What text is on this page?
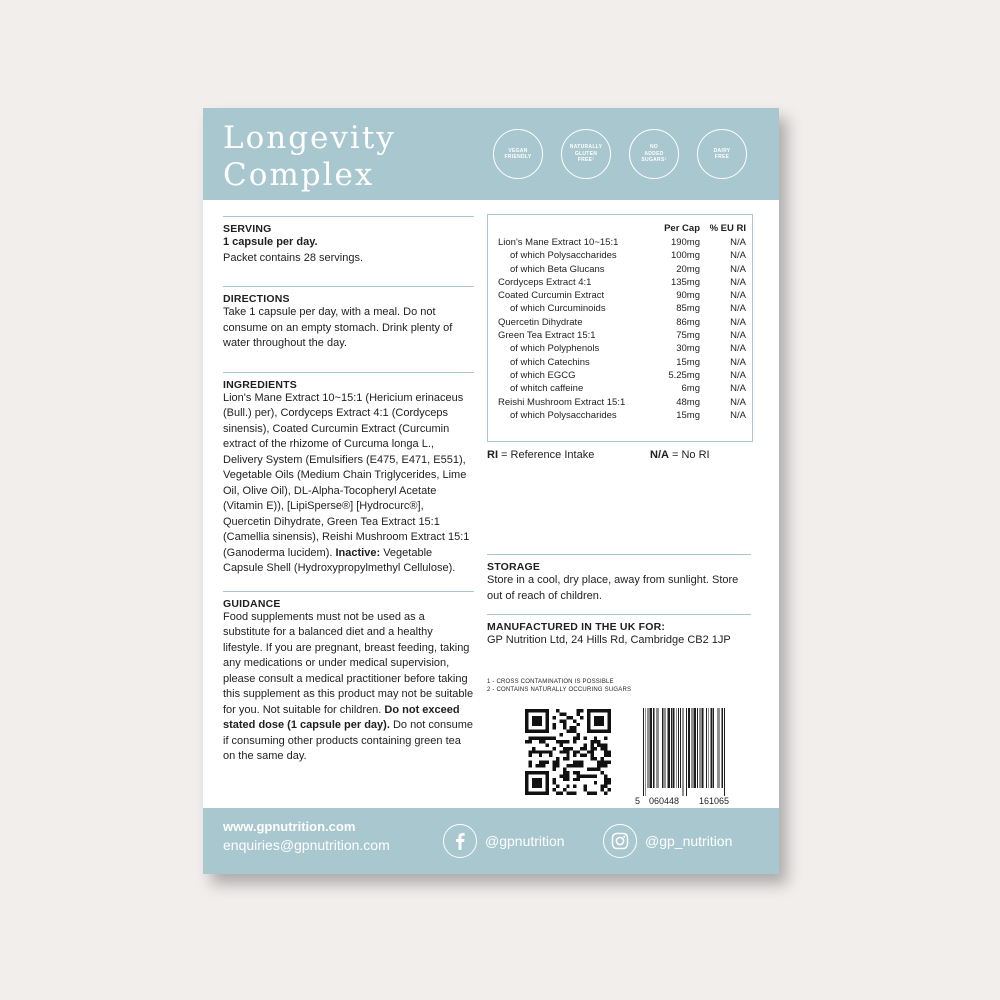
Longevity
Complex
VEGAN
FRIENDLY
NATURALLY
GLUTEN
FREE¹
NO
ADDED
SUGARS²
DAIRY
FREE
SERVING
1 capsule per day.
Packet contains 28 servings.
DIRECTIONS
Take 1 capsule per day, with a meal. Do not consume on an empty stomach. Drink plenty of water throughout the day.
INGREDIENTS
Lion's Mane Extract 10~15:1 (Hericium erinaceus (Bull.) per), Cordyceps Extract 4:1 (Cordyceps sinensis), Coated Curcumin Extract (Curcumin extract of the rhizome of Curcuma longa L., Delivery System (Emulsifiers (E475, E471, E551), Vegetable Oils (Medium Chain Triglycerides, Lime Oil, Olive Oil), DL-Alpha-Tocopheryl Acetate (Vitamin E)), [LipiSperse®] [Hydrocurc®], Quercetin Dihydrate, Green Tea Extract 15:1 (Camellia sinensis), Reishi Mushroom Extract 15:1 (Ganoderma lucidem). Inactive: Vegetable Capsule Shell (Hydroxypropylmethyl Cellulose).
GUIDANCE
Food supplements must not be used as a substitute for a balanced diet and a healthy lifestyle. If you are pregnant, breast feeding, taking any medications or under medical supervision, please consult a medical practitioner before taking this supplement as this product may not be suitable for you. Not suitable for children. Do not exceed stated dose (1 capsule per day). Do not consume if consuming other products containing green tea on the same day.
	Per Cap	% EU RI
Lion's Mane Extract 10~15:1	190mg	N/A
of which Polysaccharides	100mg	N/A
of which Beta Glucans	20mg	N/A
Cordyceps Extract 4:1	135mg	N/A
Coated Curcumin Extract	90mg	N/A
of which Curcuminoids	85mg	N/A
Quercetin Dihydrate	86mg	N/A
Green Tea Extract 15:1	75mg	N/A
of which Polyphenols	30mg	N/A
of which Catechins	15mg	N/A
of which EGCG	5.25mg	N/A
of whitch caffeine	6mg	N/A
Reishi Mushroom Extract 15:1	48mg	N/A
of which Polysaccharides	15mg	N/A
RI = Reference Intake	N/A = No RI
STORAGE
Store in a cool, dry place, away from sunlight. Store out of reach of children.
MANUFACTURED IN THE UK FOR:
GP Nutrition Ltd, 24 Hills Rd, Cambridge CB2 1JP
1 - CROSS CONTAMINATION IS POSSIBLE
2 - CONTAINS NATURALLY OCCURING SUGARS
5 060448 161065
www.gpnutrition.com
enquiries@gpnutrition.com	@gpnutrition	@gp_nutrition
